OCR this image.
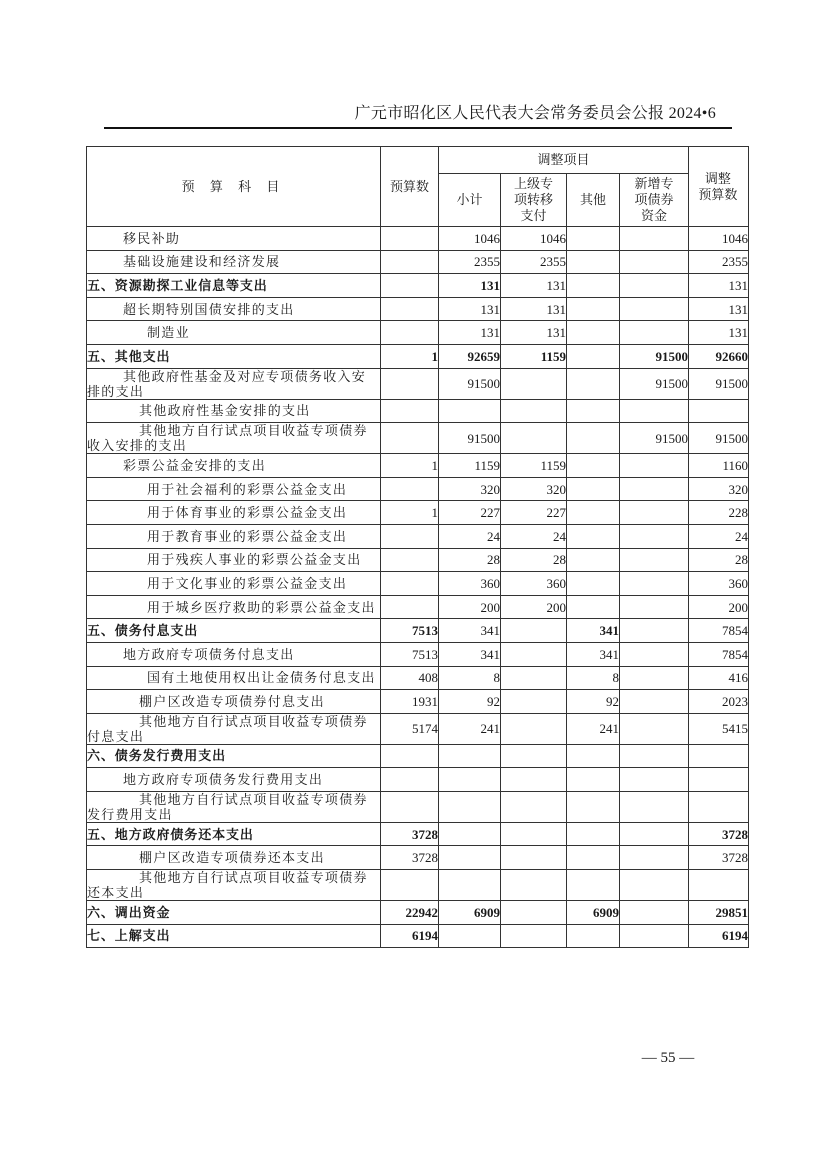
广元市昭化区人民代表大会常务委员会公报 2024•6
预 算 科 目	预算数	调整项目				调整预算数
		小计	上级专项转移支付	其他	新增专项债券资金	
移民补助		1046	1046			1046
基础设施建设和经济发展		2355	2355			2355
五、资源勘探工业信息等支出		131	131			131
超长期特别国债安排的支出		131	131			131
制造业		131	131			131
五、其他支出	1	92659	1159		91500	92660
其他政府性基金及对应专项债务收入安排的支出		91500			91500	91500
其他政府性基金安排的支出						
其他地方自行试点项目收益专项债券收入安排的支出		91500			91500	91500
彩票公益金安排的支出	1	1159	1159			1160
用于社会福利的彩票公益金支出		320	320			320
用于体育事业的彩票公益金支出	1	227	227			228
用于教育事业的彩票公益金支出		24	24			24
用于残疾人事业的彩票公益金支出		28	28			28
用于文化事业的彩票公益金支出		360	360			360
用于城乡医疗救助的彩票公益金支出		200	200			200
五、债务付息支出	7513	341		341		7854
地方政府专项债务付息支出	7513	341		341		7854
国有土地使用权出让金债务付息支出	408	8		8		416
棚户区改造专项债券付息支出	1931	92		92		2023
其他地方自行试点项目收益专项债券付息支出	5174	241		241		5415
六、债务发行费用支出						
地方政府专项债务发行费用支出						
其他地方自行试点项目收益专项债券发行费用支出						
五、地方政府债务还本支出	3728					3728
棚户区改造专项债券还本支出	3728					3728
其他地方自行试点项目收益专项债券还本支出						
六、调出资金	22942	6909		6909		29851
七、上解支出	6194					6194
— 55 —
